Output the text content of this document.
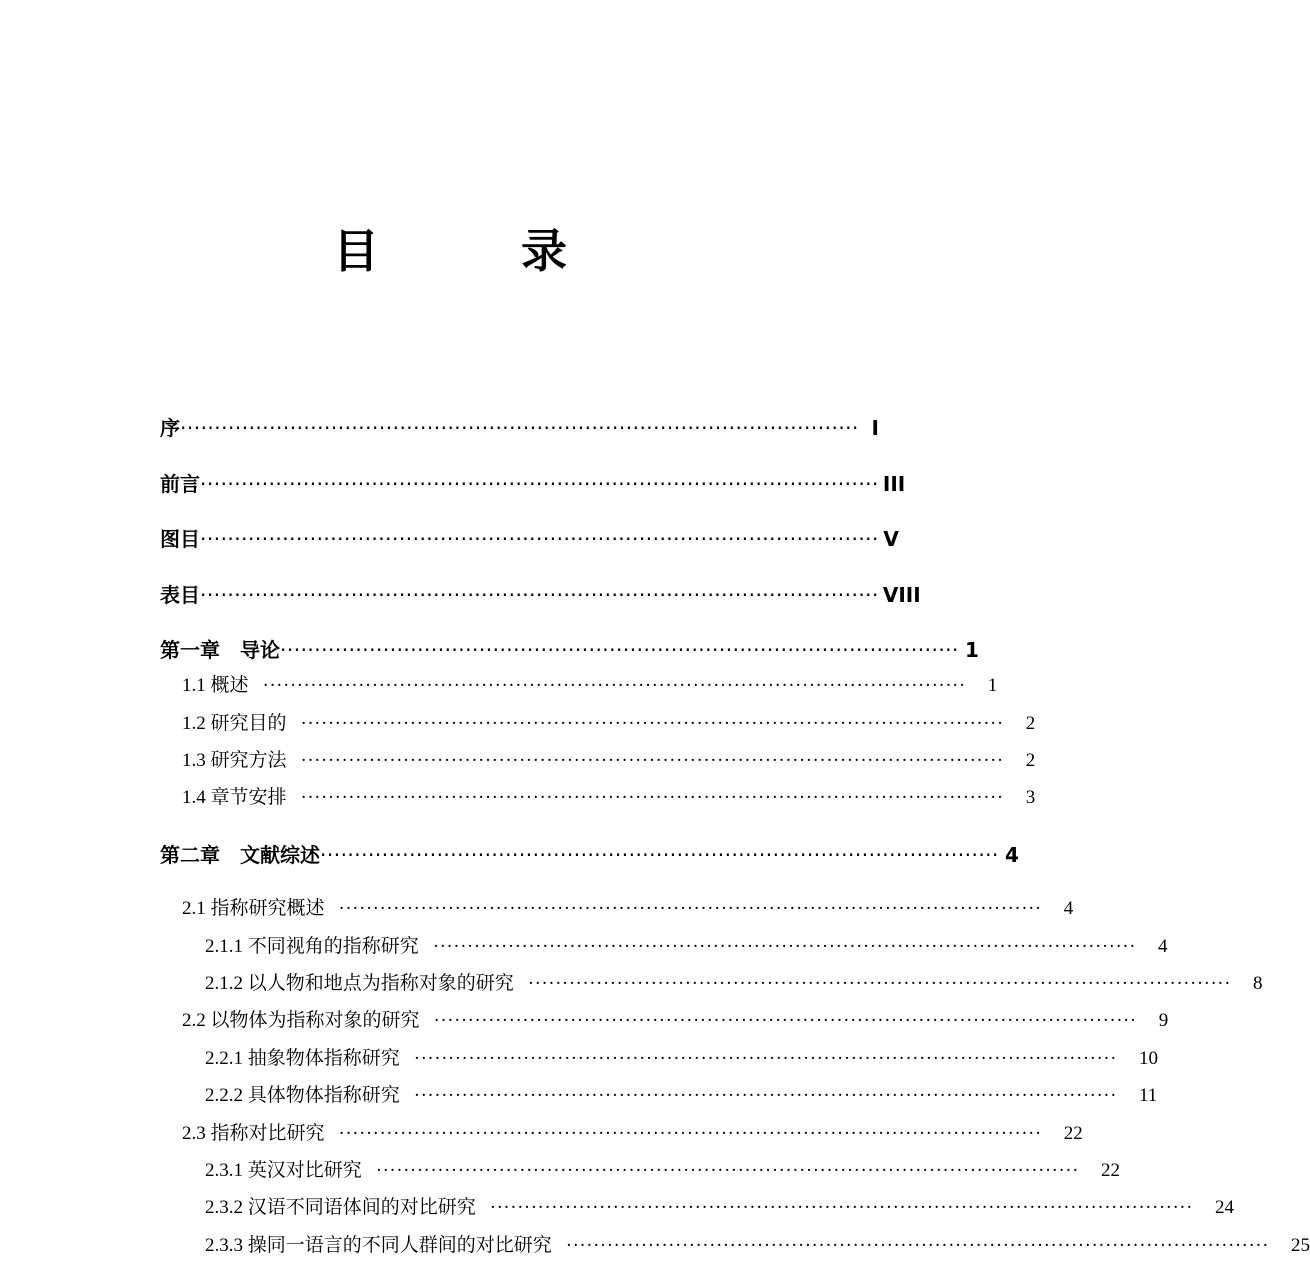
目　录
序 ··································································································· I
前言 ··································································································· III
图目 ··································································································· V
表目 ··································································································· VIII
第一章　导论 ··································································································· 1
1.1 概述 ······································································································· 1
1.2 研究目的 ······································································································· 2
1.3 研究方法 ······································································································· 2
1.4 章节安排 ······································································································· 3
第二章　文献综述 ··································································································· 4
2.1 指称研究概述 ······································································································· 4
2.1.1 不同视角的指称研究 ······································································································· 4
2.1.2 以人物和地点为指称对象的研究 ······································································································· 8
2.2 以物体为指称对象的研究 ······································································································· 9
2.2.1 抽象物体指称研究 ······································································································· 10
2.2.2 具体物体指称研究 ······································································································· 11
2.3 指称对比研究 ······································································································· 22
2.3.1 英汉对比研究 ······································································································· 22
2.3.2 汉语不同语体间的对比研究 ······································································································· 24
2.3.3 操同一语言的不同人群间的对比研究 ······································································································· 25
